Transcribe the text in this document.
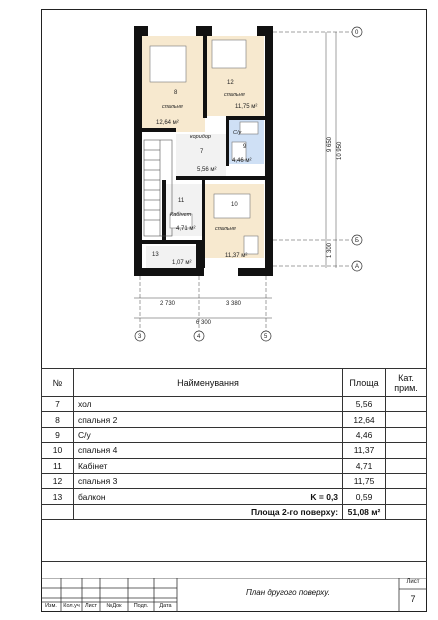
8
спальня
12,64 м²
12
спальня
11,75 м²
коридор
7
5,56 м²
С/у
9
4,46 м²
11
Кабінет
4,71 м²
10
спальня
11,37 м²
13
1,07 м²
9 650 10 950
1 300
0
Б
А
2 730	3 380
6 300
3	4	5
№	Найменування	Площа	Кат. прим.
7	хол	5,56	
8	спальня 2	12,64	
9	С/у	4,46	
10	спальня 4	11,37	
11	Кабінет	4,71	
12	спальня 3	11,75	
13	балкон K = 0,3	0,59	
	Площа 2-го поверху:	51,08 м²	

Изм.	Кол.уч Лист	№Док	Подп.	Дата
План другого поверху.
Лист
7
